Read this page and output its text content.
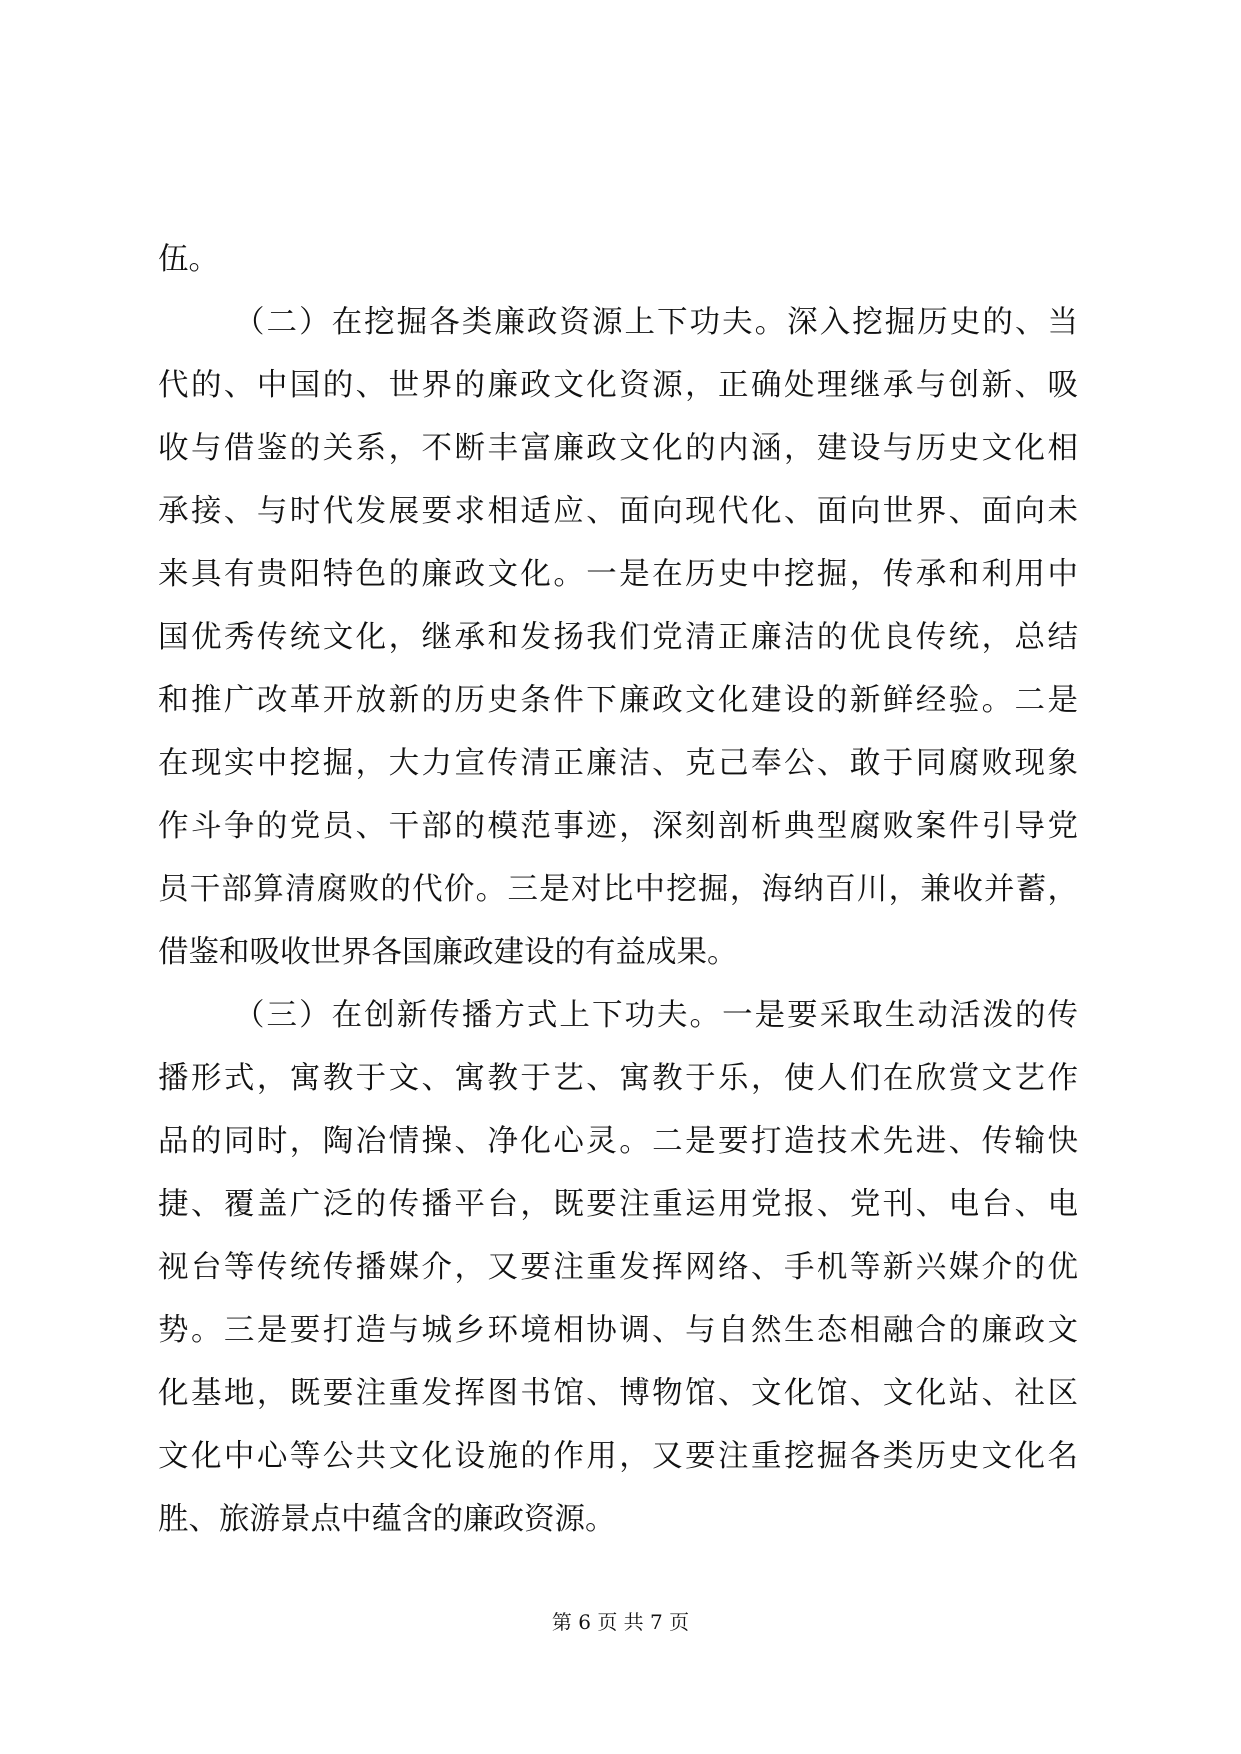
伍。
（二）在挖掘各类廉政资源上下功夫。深入挖掘历史的、当
代的、中国的、世界的廉政文化资源，正确处理继承与创新、吸
收与借鉴的关系，不断丰富廉政文化的内涵，建设与历史文化相
承接、与时代发展要求相适应、面向现代化、面向世界、面向未
来具有贵阳特色的廉政文化。一是在历史中挖掘，传承和利用中
国优秀传统文化，继承和发扬我们党清正廉洁的优良传统，总结
和推广改革开放新的历史条件下廉政文化建设的新鲜经验。二是
在现实中挖掘，大力宣传清正廉洁、克己奉公、敢于同腐败现象
作斗争的党员、干部的模范事迹，深刻剖析典型腐败案件引导党
员干部算清腐败的代价。三是对比中挖掘，海纳百川，兼收并蓄，
借鉴和吸收世界各国廉政建设的有益成果。
（三）在创新传播方式上下功夫。一是要采取生动活泼的传
播形式，寓教于文、寓教于艺、寓教于乐，使人们在欣赏文艺作
品的同时，陶冶情操、净化心灵。二是要打造技术先进、传输快
捷、覆盖广泛的传播平台，既要注重运用党报、党刊、电台、电
视台等传统传播媒介，又要注重发挥网络、手机等新兴媒介的优
势。三是要打造与城乡环境相协调、与自然生态相融合的廉政文
化基地，既要注重发挥图书馆、博物馆、文化馆、文化站、社区
文化中心等公共文化设施的作用，又要注重挖掘各类历史文化名
胜、旅游景点中蕴含的廉政资源。
第 6 页 共 7 页
